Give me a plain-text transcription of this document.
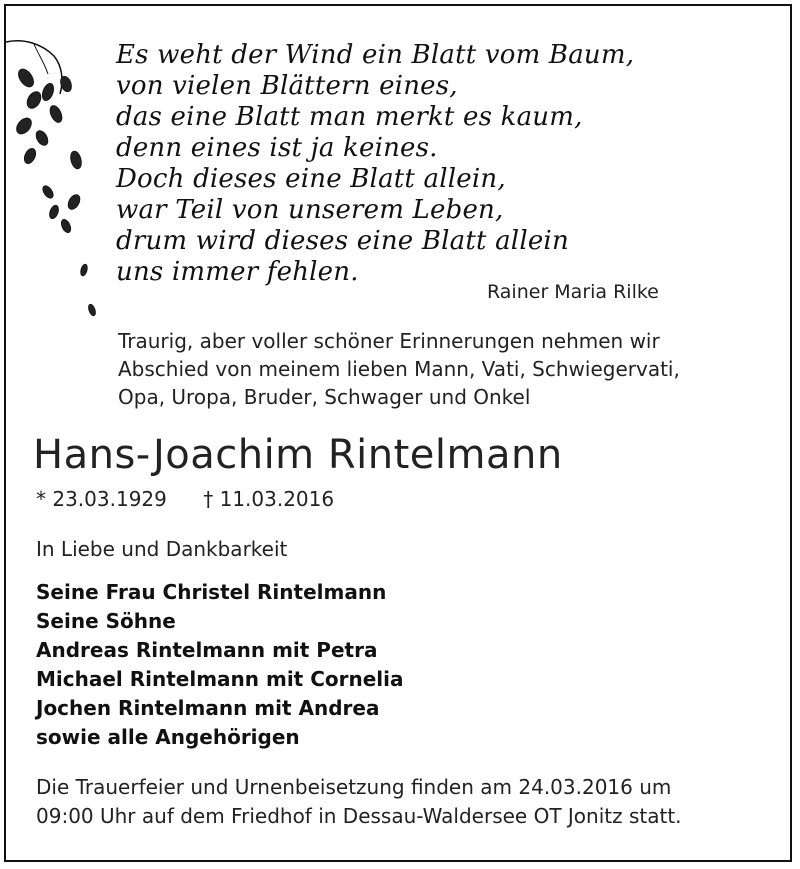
Es weht der Wind ein Blatt vom Baum,
von vielen Blättern eines,
das eine Blatt man merkt es kaum,
denn eines ist ja keines.
Doch dieses eine Blatt allein,
war Teil von unserem Leben,
drum wird dieses eine Blatt allein
uns immer fehlen.
Rainer Maria Rilke
Traurig, aber voller schöner Erinnerungen nehmen wir
Abschied von meinem lieben Mann, Vati, Schwiegervati,
Opa, Uropa, Bruder, Schwager und Onkel
Hans-Joachim Rintelmann
* 23.03.1929 † 11.03.2016
In Liebe und Dankbarkeit
Seine Frau Christel Rintelmann
Seine Söhne
Andreas Rintelmann mit Petra
Michael Rintelmann mit Cornelia
Jochen Rintelmann mit Andrea
sowie alle Angehörigen
Die Trauerfeier und Urnenbeisetzung finden am 24.03.2016 um
09:00 Uhr auf dem Friedhof in Dessau-Waldersee OT Jonitz statt.
